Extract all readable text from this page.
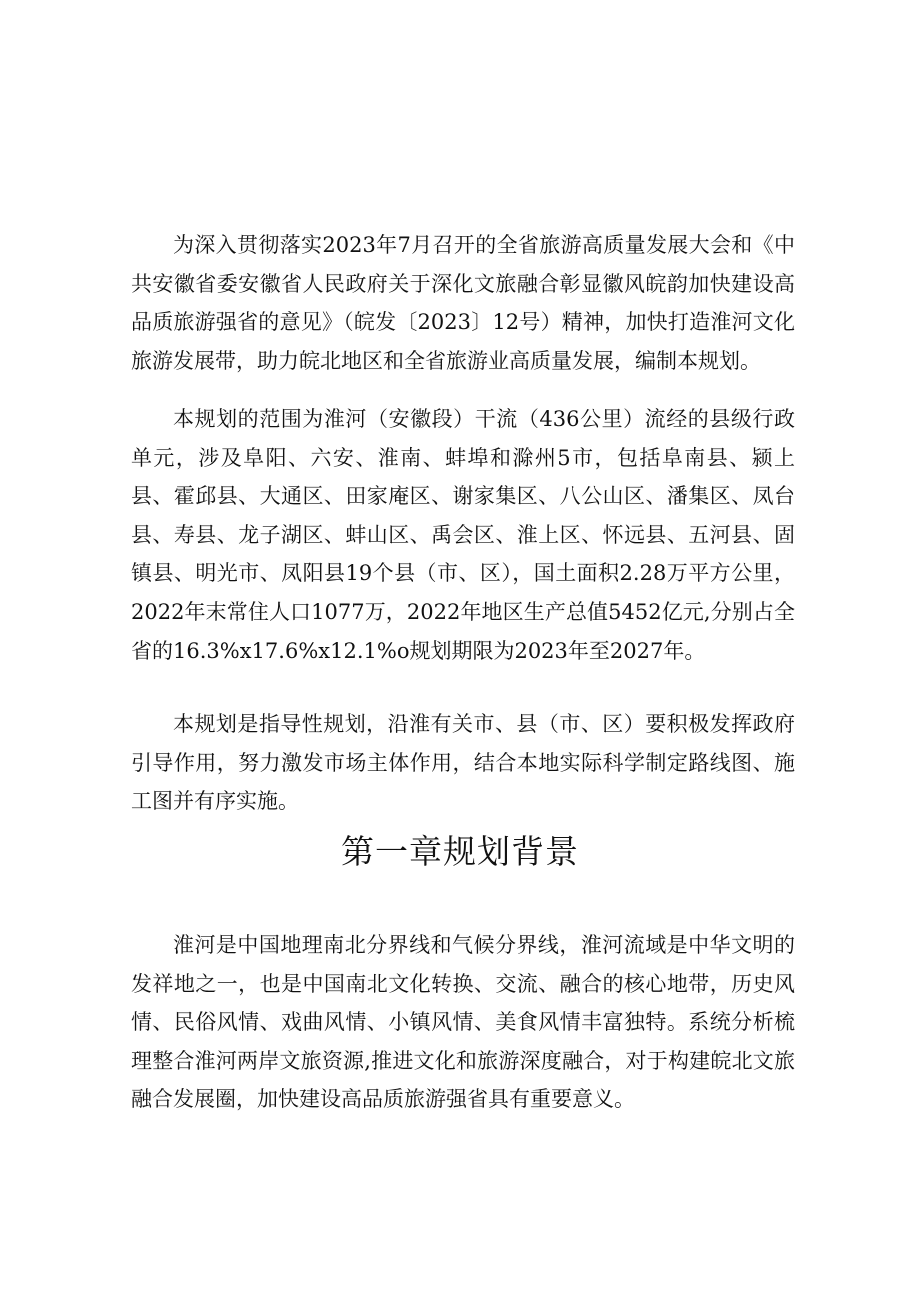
为深入贯彻落实2023年7月召开的全省旅游高质量发展大会和《中共安徽省委安徽省人民政府关于深化文旅融合彰显徽风皖韵加快建设高品质旅游强省的意见》（皖发〔2023〕12号）精神，加快打造淮河文化旅游发展带，助力皖北地区和全省旅游业高质量发展，编制本规划。

本规划的范围为淮河（安徽段）干流（436公里）流经的县级行政单元，涉及阜阳、六安、淮南、蚌埠和滁州5市，包括阜南县、颍上县、霍邱县、大通区、田家庵区、谢家集区、八公山区、潘集区、凤台县、寿县、龙子湖区、蚌山区、禹会区、淮上区、怀远县、五河县、固镇县、明光市、凤阳县19个县（市、区），国土面积2.28万平方公里，2022年末常住人口1077万，2022年地区生产总值5452亿元,分别占全省的16.3%x17.6%x12.1%o规划期限为2023年至2027年。

本规划是指导性规划，沿淮有关市、县（市、区）要积极发挥政府引导作用，努力激发市场主体作用，结合本地实际科学制定路线图、施工图并有序实施。

第一章规划背景

淮河是中国地理南北分界线和气候分界线，淮河流域是中华文明的发祥地之一，也是中国南北文化转换、交流、融合的核心地带，历史风情、民俗风情、戏曲风情、小镇风情、美食风情丰富独特。系统分析梳理整合淮河两岸文旅资源,推进文化和旅游深度融合，对于构建皖北文旅融合发展圈，加快建设高品质旅游强省具有重要意义。
